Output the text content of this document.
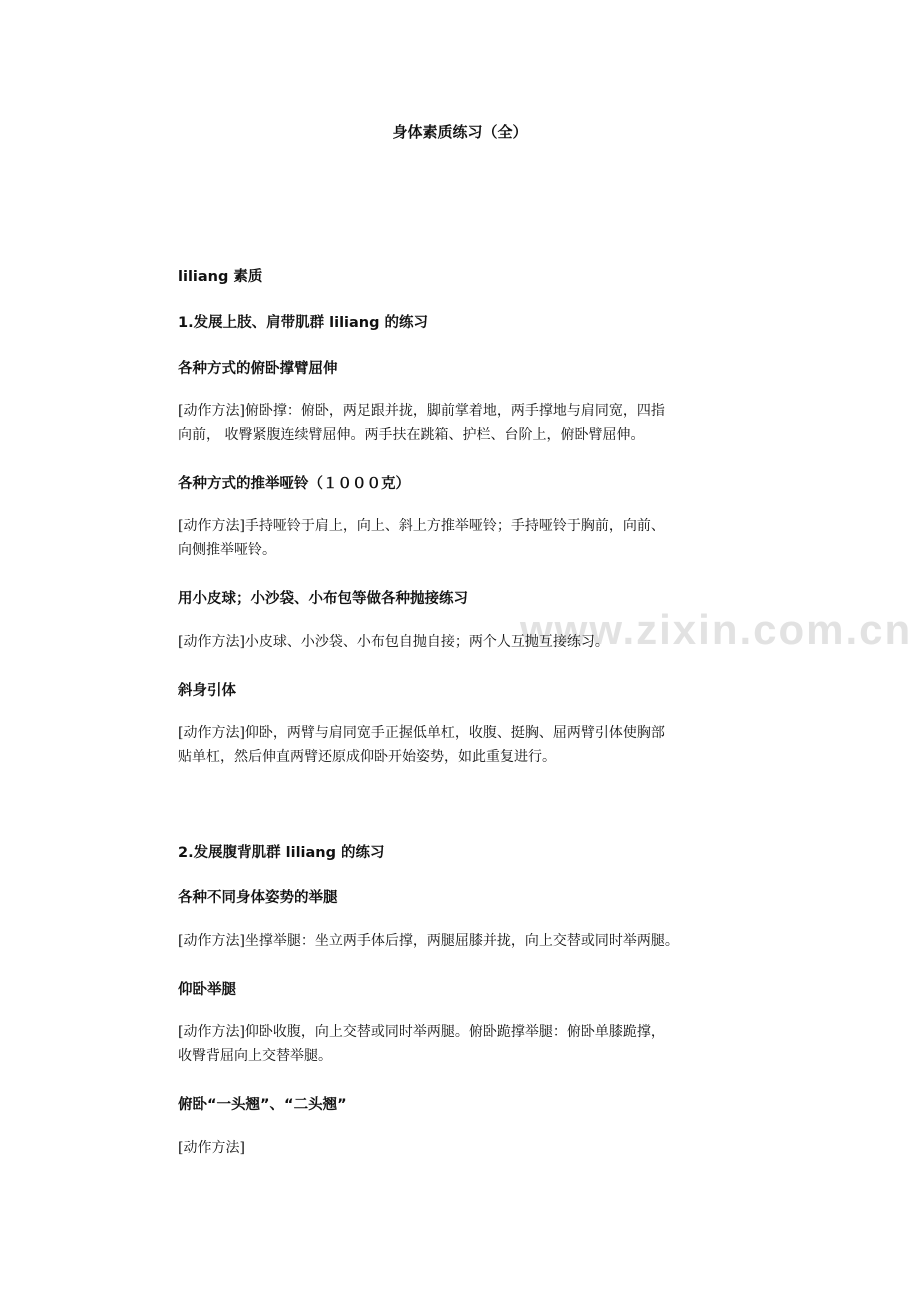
www.zixin.com.cn
身体素质练习（全）
liliang 素质
1.发展上肢、肩带肌群 liliang 的练习
各种方式的俯卧撑臂屈伸
[动作方法]俯卧撑：俯卧，两足跟并拢，脚前掌着地，两手撑地与肩同宽，四指
向前， 收臀紧腹连续臂屈伸。两手扶在跳箱、护栏、台阶上，俯卧臂屈伸。
各种方式的推举哑铃（１０００克）
[动作方法]手持哑铃于肩上，向上、斜上方推举哑铃；手持哑铃于胸前，向前、
向侧推举哑铃。
用小皮球；小沙袋、小布包等做各种抛接练习
[动作方法]小皮球、小沙袋、小布包自抛自接；两个人互抛互接练习。
斜身引体
[动作方法]仰卧，两臂与肩同宽手正握低单杠，收腹、挺胸、屈两臂引体使胸部
贴单杠，然后伸直两臂还原成仰卧开始姿势，如此重复进行。
2.发展腹背肌群 liliang 的练习
各种不同身体姿势的举腿
[动作方法]坐撑举腿：坐立两手体后撑，两腿屈膝并拢，向上交替或同时举两腿。
仰卧举腿
[动作方法]仰卧收腹，向上交替或同时举两腿。俯卧跪撑举腿：俯卧单膝跪撑，
收臀背屈向上交替举腿。
俯卧“一头翘”、“二头翘”
[动作方法]
